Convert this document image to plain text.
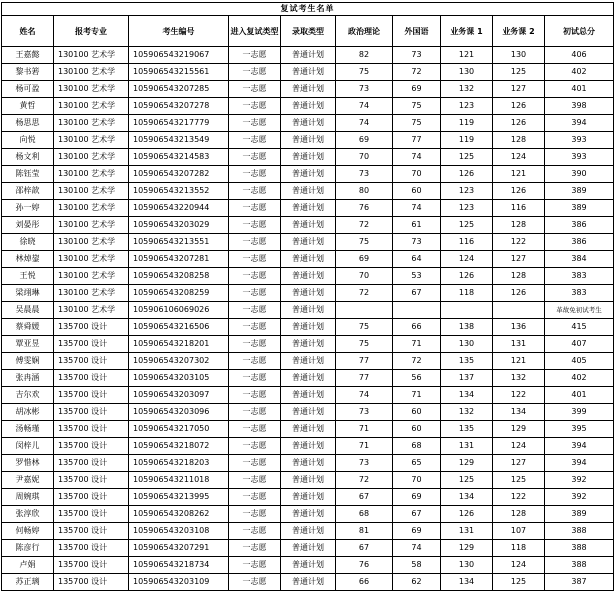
复试考生名单									
姓名	报考专业	考生编号	进入复试类型	录取类型	政治理论	外国语	业务课 1	业务课 2	初试总分
王嘉懿	130100 艺术学	105906543219067	一志愿	普通计划	82	73	121	130	406
黎书箬	130100 艺术学	105906543215561	一志愿	普通计划	75	72	130	125	402
杨可盈	130100 艺术学	105906543207285	一志愿	普通计划	73	69	132	127	401
黄哲	130100 艺术学	105906543207278	一志愿	普通计划	74	75	123	126	398
杨思思	130100 艺术学	105906543217779	一志愿	普通计划	74	75	119	126	394
向悦	130100 艺术学	105906543213549	一志愿	普通计划	69	77	119	128	393
杨文利	130100 艺术学	105906543214583	一志愿	普通计划	70	74	125	124	393
陈钰莹	130100 艺术学	105906543207282	一志愿	普通计划	73	70	126	121	390
邵梓歆	130100 艺术学	105906543213552	一志愿	普通计划	80	60	123	126	389
孙一婷	130100 艺术学	105906543220944	一志愿	普通计划	76	74	123	116	389
刘晏彤	130100 艺术学	105906543203029	一志愿	普通计划	72	61	125	128	386
徐晓	130100 艺术学	105906543213551	一志愿	普通计划	75	73	116	122	386
林焯鋆	130100 艺术学	105906543207281	一志愿	普通计划	69	64	124	127	384
王悦	130100 艺术学	105906543208258	一志愿	普通计划	70	53	126	128	383
梁翊琳	130100 艺术学	105906543208259	一志愿	普通计划	72	67	118	126	383
吴晨晨	130100 艺术学	105906106069026	一志愿	普通计划					革故免初试考生
蔡舜媛	135700 设计	105906543216506	一志愿	普通计划	75	66	138	136	415
覃亚昱	135700 设计	105906543218201	一志愿	普通计划	75	71	130	131	407
傅雯娴	135700 设计	105906543207302	一志愿	普通计划	77	72	135	121	405
张冉涵	135700 设计	105906543203105	一志愿	普通计划	77	56	137	132	402
吉尔欢	135700 设计	105906543203097	一志愿	普通计划	74	71	134	122	401
胡冰彬	135700 设计	105906543203096	一志愿	普通计划	73	60	132	134	399
汤畅瑾	135700 设计	105906543217050	一志愿	普通计划	71	60	135	129	395
闵梓儿	135700 设计	105906543218072	一志愿	普通计划	71	68	131	124	394
罗惜林	135700 设计	105906543218203	一志愿	普通计划	73	65	129	127	394
尹嘉妮	135700 设计	105906543211018	一志愿	普通计划	72	70	125	125	392
周婉琪	135700 设计	105906543213995	一志愿	普通计划	67	69	134	122	392
张淳欣	135700 设计	105906543208262	一志愿	普通计划	68	67	126	128	389
何畅婷	135700 设计	105906543203108	一志愿	普通计划	81	69	131	107	388
陈彦行	135700 设计	105906543207291	一志愿	普通计划	67	74	129	118	388
卢娟	135700 设计	105906543218734	一志愿	普通计划	76	58	130	124	388
苏正璃	135700 设计	105906543203109	一志愿	普通计划	66	62	134	125	387
